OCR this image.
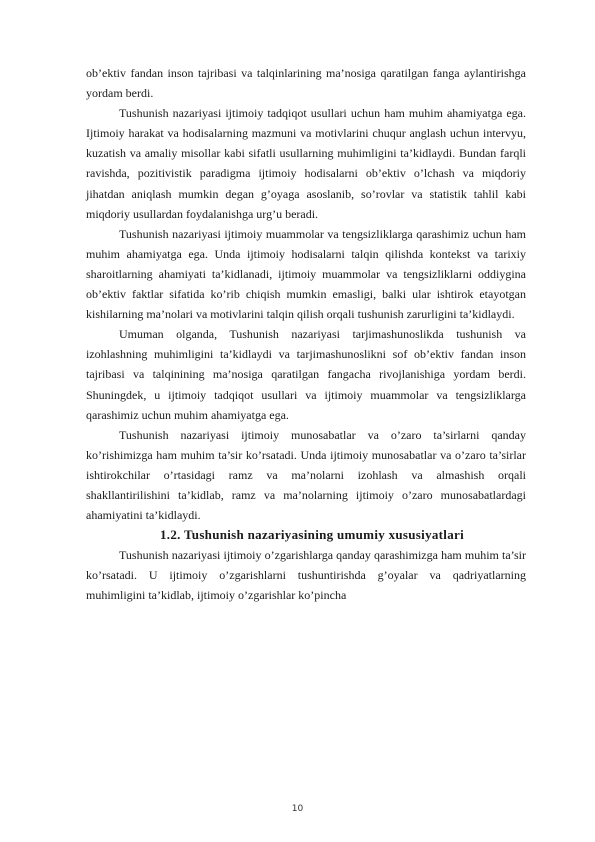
ob’ektiv fandan inson tajribasi va talqinlarining ma’nosiga qaratilgan fanga aylantirishga yordam berdi.

Tushunish nazariyasi ijtimoiy tadqiqot usullari uchun ham muhim ahamiyatga ega. Ijtimoiy harakat va hodisalarning mazmuni va motivlarini chuqur anglash uchun intervyu, kuzatish va amaliy misollar kabi sifatli usullarning muhimligini ta’kidlaydi. Bundan farqli ravishda, pozitivistik paradigma ijtimoiy hodisalarni ob’ektiv o’lchash va miqdoriy jihatdan aniqlash mumkin degan g’oyaga asoslanib, so’rovlar va statistik tahlil kabi miqdoriy usullardan foydalanishga urg’u beradi.

Tushunish nazariyasi ijtimoiy muammolar va tengsizliklarga qarashimiz uchun ham muhim ahamiyatga ega. Unda ijtimoiy hodisalarni talqin qilishda kontekst va tarixiy sharoitlarning ahamiyati ta’kidlanadi, ijtimoiy muammolar va tengsizliklarni oddiygina ob’ektiv faktlar sifatida ko’rib chiqish mumkin emasligi, balki ular ishtirok etayotgan kishilarning ma’nolari va motivlarini talqin qilish orqali tushunish zarurligini ta’kidlaydi.

Umuman olganda, Tushunish nazariyasi tarjimashunoslikda tushunish va izohlashning muhimligini ta’kidlaydi va tarjimashunoslikni sof ob’ektiv fandan inson tajribasi va talqinining ma’nosiga qaratilgan fangacha rivojlanishiga yordam berdi. Shuningdek, u ijtimoiy tadqiqot usullari va ijtimoiy muammolar va tengsizliklarga qarashimiz uchun muhim ahamiyatga ega.

Tushunish nazariyasi ijtimoiy munosabatlar va o’zaro ta’sirlarni qanday ko’rishimizga ham muhim ta’sir ko’rsatadi. Unda ijtimoiy munosabatlar va o’zaro ta’sirlar ishtirokchilar o’rtasidagi ramz va ma’nolarni izohlash va almashish orqali shakllantirilishini ta’kidlab, ramz va ma’nolarning ijtimoiy o’zaro munosabatlardagi ahamiyatini ta’kidlaydi.

1.2. Tushunish nazariyasining umumiy xususiyatlari

Tushunish nazariyasi ijtimoiy o’zgarishlarga qanday qarashimizga ham muhim ta’sir ko’rsatadi. U ijtimoiy o’zgarishlarni tushuntirishda g’oyalar va qadriyatlarning muhimligini ta’kidlab, ijtimoiy o’zgarishlar ko’pincha

10
